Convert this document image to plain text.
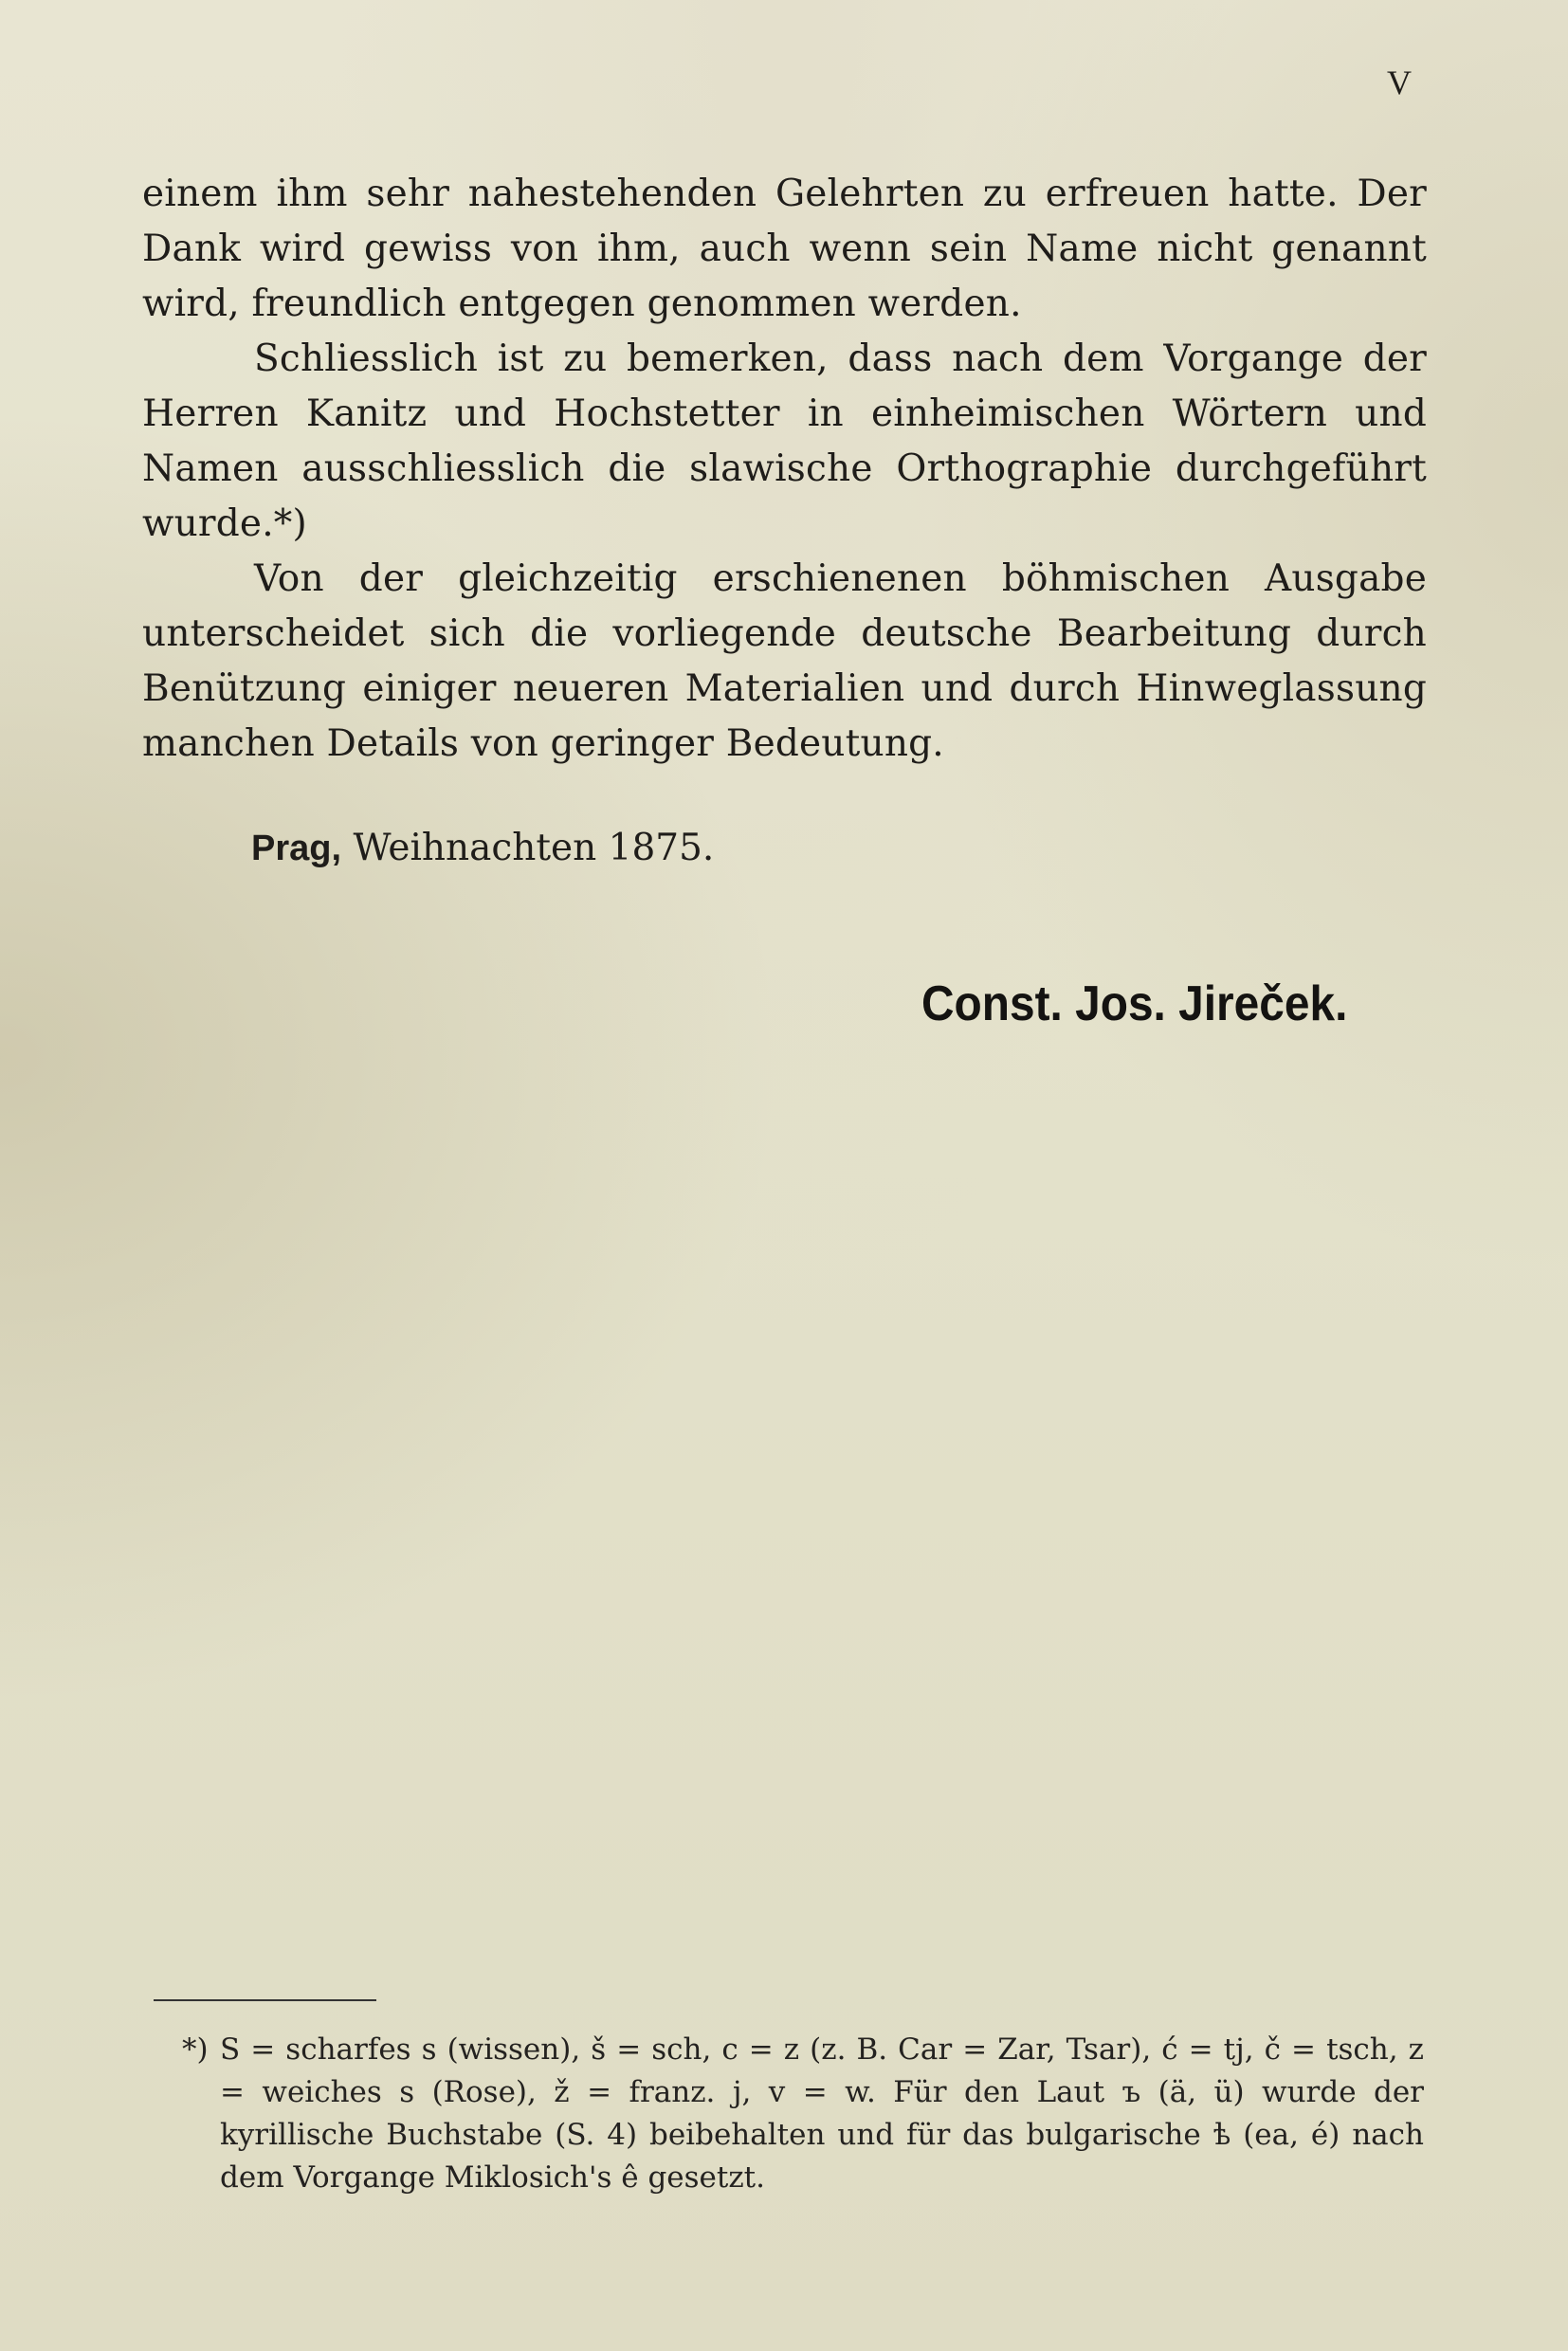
V

einem ihm sehr nahestehenden Gelehrten zu erfreuen hatte. Der Dank wird gewiss von ihm, auch wenn sein Name nicht genannt wird, freundlich entgegen genommen werden.

Schliesslich ist zu bemerken, dass nach dem Vorgange der Herren Kanitz und Hochstetter in einheimischen Wörtern und Namen ausschliesslich die slawische Orthographie durchgeführt wurde.*)

Von der gleichzeitig erschienenen böhmischen Ausgabe unterscheidet sich die vorliegende deutsche Bearbeitung durch Benützung einiger neueren Materialien und durch Hinweglassung manchen Details von geringer Bedeutung.

Prag, Weihnachten 1875.
Const. Jos. Jireček.
*) S = scharfes s (wissen), š = sch, c = z (z. B. Car = Zar, Tsar), ć = tj, č = tsch, z = weiches s (Rose), ž = franz. j, v = w. Für den Laut ъ (ä, ü) wurde der kyrillische Buchstabe (S. 4) beibehalten und für das bulgarische ѣ (ea, é) nach dem Vorgange Miklosich's ê gesetzt.
